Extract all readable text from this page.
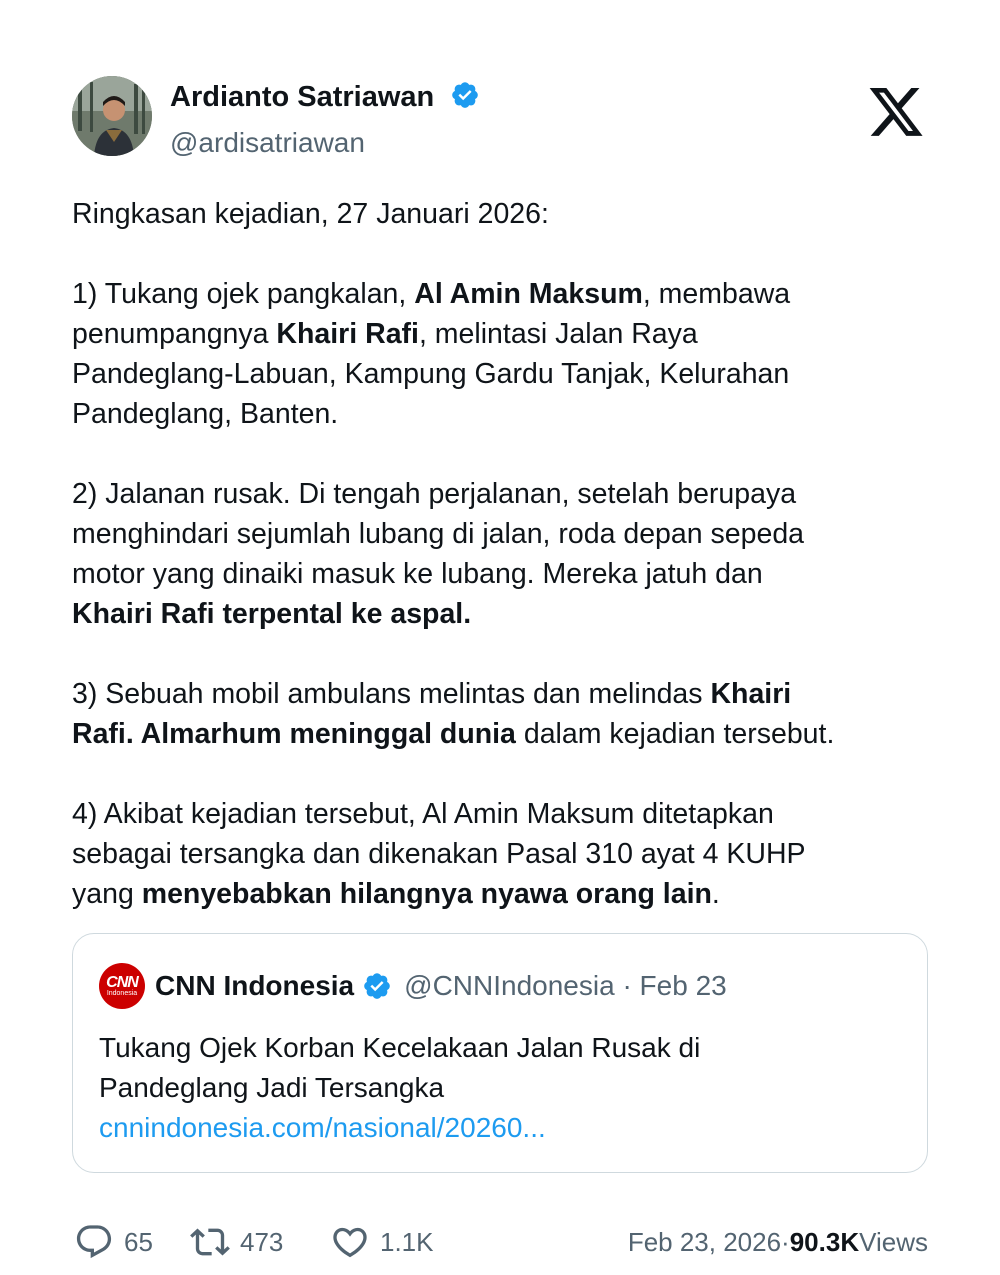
Ardianto Satriawan
@ardisatriawan

Ringkasan kejadian, 27 Januari 2026:

1) Tukang ojek pangkalan, Al Amin Maksum, membawa

penumpangnya Khairi Rafi, melintasi Jalan Raya

Pandeglang-Labuan, Kampung Gardu Tanjak, Kelurahan

Pandeglang, Banten.

2) Jalanan rusak. Di tengah perjalanan, setelah berupaya

menghindari sejumlah lubang di jalan, roda depan sepeda

motor yang dinaiki masuk ke lubang. Mereka jatuh dan

Khairi Rafi terpental ke aspal.

3) Sebuah mobil ambulans melintas dan melindas Khairi

Rafi. Almarhum meninggal dunia dalam kejadian tersebut.

4) Akibat kejadian tersebut, Al Amin Maksum ditetapkan

sebagai tersangka dan dikenakan Pasal 310 ayat 4 KUHP

yang menyebabkan hilangnya nyawa orang lain.

CNN
Indonesia CNN Indonesia @CNNIndonesia · Feb 23
Tukang Ojek Korban Kecelakaan Jalan Rusak di
Pandeglang Jadi Tersangka
cnnindonesia.com/nasional/20260...
65	473	1.1K	Feb 23, 2026 · 90.3K Views
